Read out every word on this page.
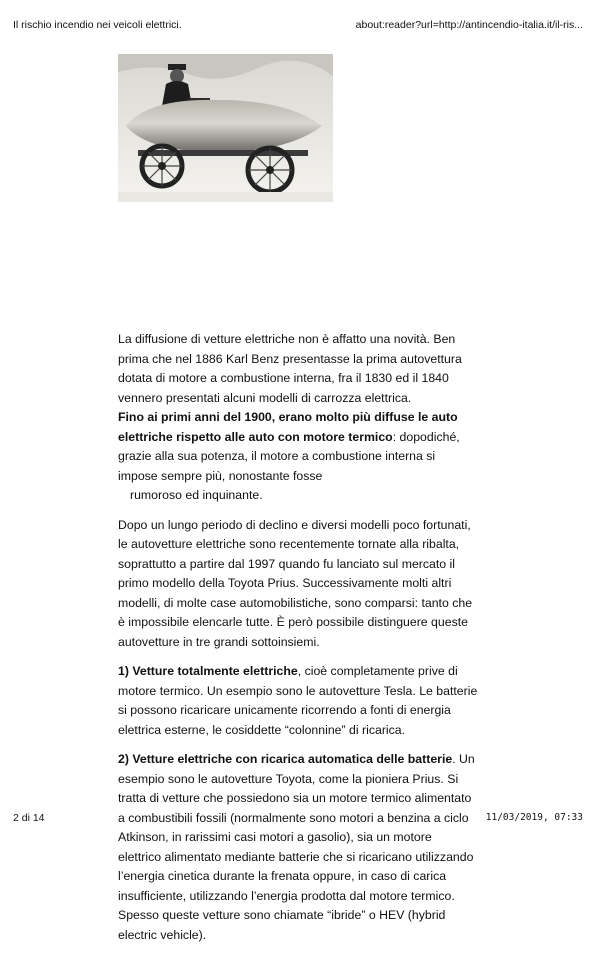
Il rischio incendio nei veicoli elettrici.	about:reader?url=http://antincendio-italia.it/il-ris...

La diffusione di vetture elettriche non è affatto una novità. Ben prima che nel 1886 Karl Benz presentasse la prima autovettura dotata di motore a combustione interna, fra il 1830 ed il 1840 vennero presentati alcuni modelli di carrozza elettrica. Fino ai primi anni del 1900, erano molto più diffuse le auto elettriche rispetto alle auto con motore termico: dopodiché, grazie alla sua potenza, il motore a combustione interna si impose sempre più, nonostante fosse
rumoroso ed inquinante.

Dopo un lungo periodo di declino e diversi modelli poco fortunati, le autovetture elettriche sono recentemente tornate alla ribalta, soprattutto a partire dal 1997 quando fu lanciato sul mercato il primo modello della Toyota Prius. Successivamente molti altri modelli, di molte case automobilistiche, sono comparsi: tanto che è impossibile elencarle tutte. È però possibile distinguere queste autovetture in tre grandi sottoinsiemi.

1) Vetture totalmente elettriche, cioè completamente prive di motore termico. Un esempio sono le autovetture Tesla. Le batterie si possono ricaricare unicamente ricorrendo a fonti di energia elettrica esterne, le cosiddette “colonnine” di ricarica.

2) Vetture elettriche con ricarica automatica delle batterie. Un esempio sono le autovetture Toyota, come la pioniera Prius. Si tratta di vetture che possiedono sia un motore termico alimentato a combustibili fossili (normalmente sono motori a benzina a ciclo Atkinson, in rarissimi casi motori a gasolio), sia un motore elettrico alimentato mediante batterie che si ricaricano utilizzando l’energia cinetica durante la frenata oppure, in caso di carica insufficiente, utilizzando l’energia prodotta dal motore termico. Spesso queste vetture sono chiamate “ibride” o HEV (hybrid electric vehicle).

2 di 14	11/03/2019, 07:33
